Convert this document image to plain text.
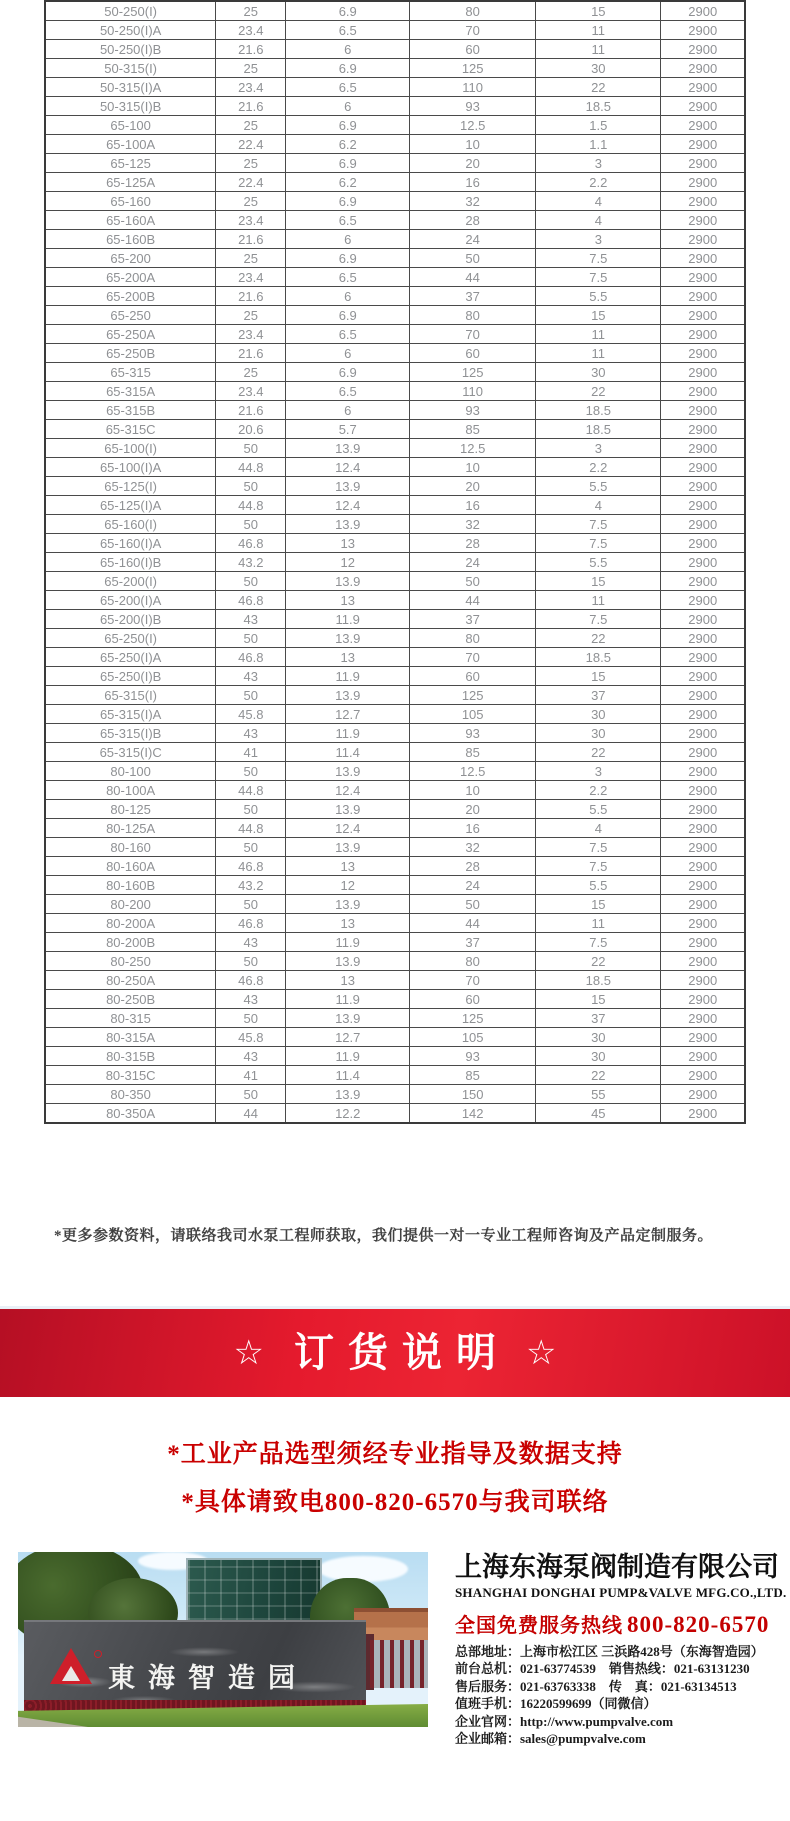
50-250(I)	25	6.9	80	15	2900
50-250(I)A	23.4	6.5	70	11	2900
50-250(I)B	21.6	6	60	11	2900
50-315(I)	25	6.9	125	30	2900
50-315(I)A	23.4	6.5	110	22	2900
50-315(I)B	21.6	6	93	18.5	2900
65-100	25	6.9	12.5	1.5	2900
65-100A	22.4	6.2	10	1.1	2900
65-125	25	6.9	20	3	2900
65-125A	22.4	6.2	16	2.2	2900
65-160	25	6.9	32	4	2900
65-160A	23.4	6.5	28	4	2900
65-160B	21.6	6	24	3	2900
65-200	25	6.9	50	7.5	2900
65-200A	23.4	6.5	44	7.5	2900
65-200B	21.6	6	37	5.5	2900
65-250	25	6.9	80	15	2900
65-250A	23.4	6.5	70	11	2900
65-250B	21.6	6	60	11	2900
65-315	25	6.9	125	30	2900
65-315A	23.4	6.5	110	22	2900
65-315B	21.6	6	93	18.5	2900
65-315C	20.6	5.7	85	18.5	2900
65-100(I)	50	13.9	12.5	3	2900
65-100(I)A	44.8	12.4	10	2.2	2900
65-125(I)	50	13.9	20	5.5	2900
65-125(I)A	44.8	12.4	16	4	2900
65-160(I)	50	13.9	32	7.5	2900
65-160(I)A	46.8	13	28	7.5	2900
65-160(I)B	43.2	12	24	5.5	2900
65-200(I)	50	13.9	50	15	2900
65-200(I)A	46.8	13	44	11	2900
65-200(I)B	43	11.9	37	7.5	2900
65-250(I)	50	13.9	80	22	2900
65-250(I)A	46.8	13	70	18.5	2900
65-250(I)B	43	11.9	60	15	2900
65-315(I)	50	13.9	125	37	2900
65-315(I)A	45.8	12.7	105	30	2900
65-315(I)B	43	11.9	93	30	2900
65-315(I)C	41	11.4	85	22	2900
80-100	50	13.9	12.5	3	2900
80-100A	44.8	12.4	10	2.2	2900
80-125	50	13.9	20	5.5	2900
80-125A	44.8	12.4	16	4	2900
80-160	50	13.9	32	7.5	2900
80-160A	46.8	13	28	7.5	2900
80-160B	43.2	12	24	5.5	2900
80-200	50	13.9	50	15	2900
80-200A	46.8	13	44	11	2900
80-200B	43	11.9	37	7.5	2900
80-250	50	13.9	80	22	2900
80-250A	46.8	13	70	18.5	2900
80-250B	43	11.9	60	15	2900
80-315	50	13.9	125	37	2900
80-315A	45.8	12.7	105	30	2900
80-315B	43	11.9	93	30	2900
80-315C	41	11.4	85	22	2900
80-350	50	13.9	150	55	2900
80-350A	44	12.2	142	45	2900

*更多参数资料，请联络我司水泵工程师获取，我们提供一对一专业工程师咨询及产品定制服务。

☆ 订货说明 ☆

*工业产品选型须经专业指导及数据支持

*具体请致电800-820-6570与我司联络

東海智造园
上海东海泵阀制造有限公司
SHANGHAI DONGHAI PUMP&VALVE MFG.CO.,LTD.
全国免费服务热线 800-820-6570
总部地址：上海市松江区 三浜路428号（东海智造园）
前台总机：021-63774539　销售热线：021-63131230
售后服务：021-63763338　传　真：021-63134513
值班手机：16220599699（同微信）
企业官网：http://www.pumpvalve.com
企业邮箱：sales@pumpvalve.com
